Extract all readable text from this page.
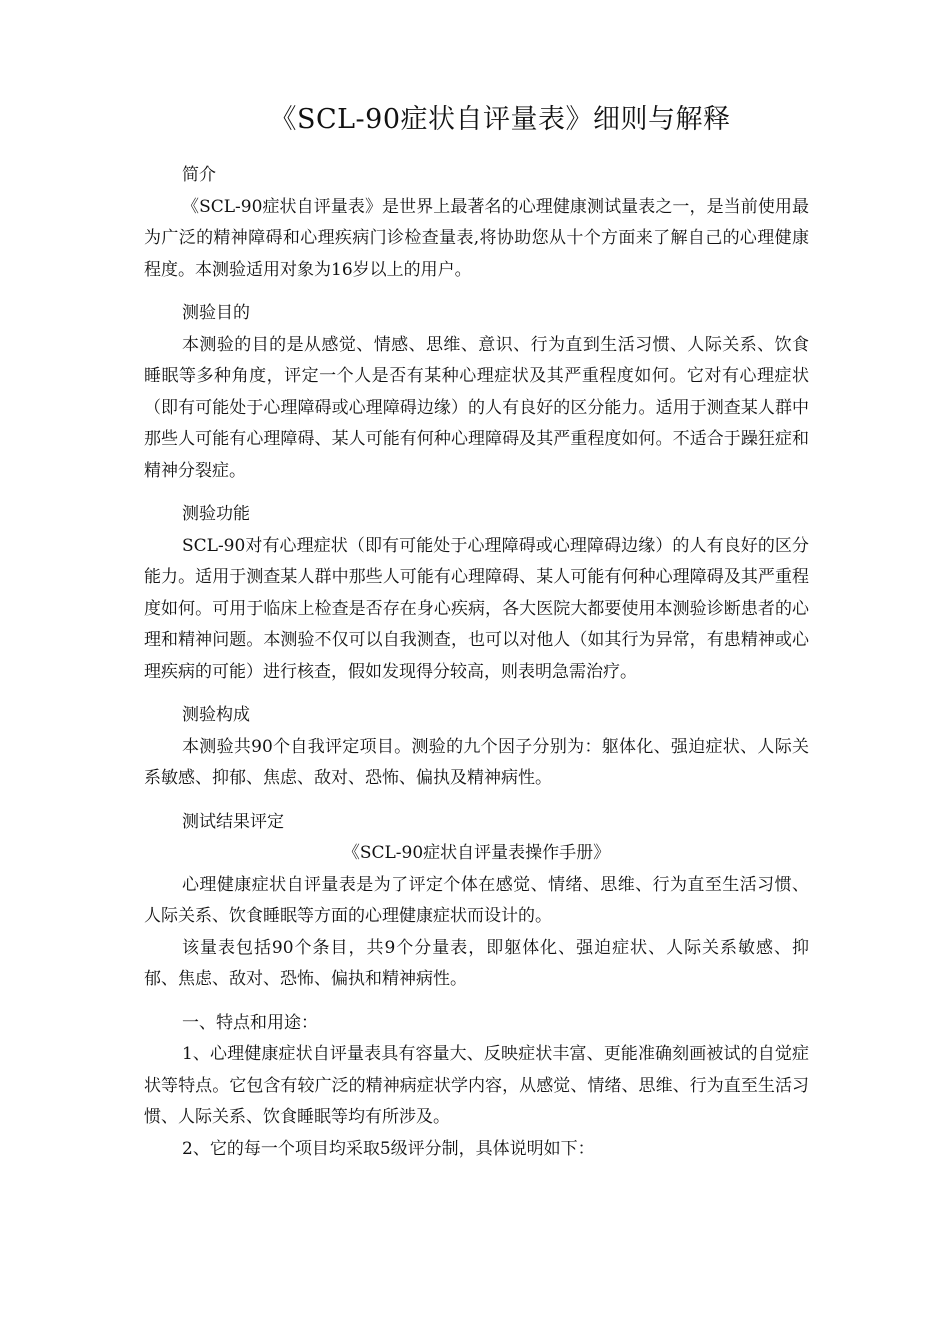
《SCL-90症状自评量表》细则与解释

简介

《SCL-90症状自评量表》是世界上最著名的心理健康测试量表之一，是当前使用最为广泛的精神障碍和心理疾病门诊检查量表,将协助您从十个方面来了解自己的心理健康程度。本测验适用对象为16岁以上的用户。

测验目的

本测验的目的是从感觉、情感、思维、意识、行为直到生活习惯、人际关系、饮食睡眠等多种角度，评定一个人是否有某种心理症状及其严重程度如何。它对有心理症状（即有可能处于心理障碍或心理障碍边缘）的人有良好的区分能力。适用于测查某人群中那些人可能有心理障碍、某人可能有何种心理障碍及其严重程度如何。不适合于躁狂症和精神分裂症。

测验功能

SCL-90对有心理症状（即有可能处于心理障碍或心理障碍边缘）的人有良好的区分能力。适用于测查某人群中那些人可能有心理障碍、某人可能有何种心理障碍及其严重程度如何。可用于临床上检查是否存在身心疾病，各大医院大都要使用本测验诊断患者的心理和精神问题。本测验不仅可以自我测查，也可以对他人（如其行为异常，有患精神或心理疾病的可能）进行核查，假如发现得分较高，则表明急需治疗。

测验构成

本测验共90个自我评定项目。测验的九个因子分别为：躯体化、强迫症状、人际关系敏感、抑郁、焦虑、敌对、恐怖、偏执及精神病性。

测试结果评定

《SCL-90症状自评量表操作手册》

心理健康症状自评量表是为了评定个体在感觉、情绪、思维、行为直至生活习惯、人际关系、饮食睡眠等方面的心理健康症状而设计的。

该量表包括90个条目，共9个分量表，即躯体化、强迫症状、人际关系敏感、抑郁、焦虑、敌对、恐怖、偏执和精神病性。

一、特点和用途：

1、心理健康症状自评量表具有容量大、反映症状丰富、更能准确刻画被试的自觉症状等特点。它包含有较广泛的精神病症状学内容，从感觉、情绪、思维、行为直至生活习惯、人际关系、饮食睡眠等均有所涉及。

2、它的每一个项目均采取5级评分制，具体说明如下：
